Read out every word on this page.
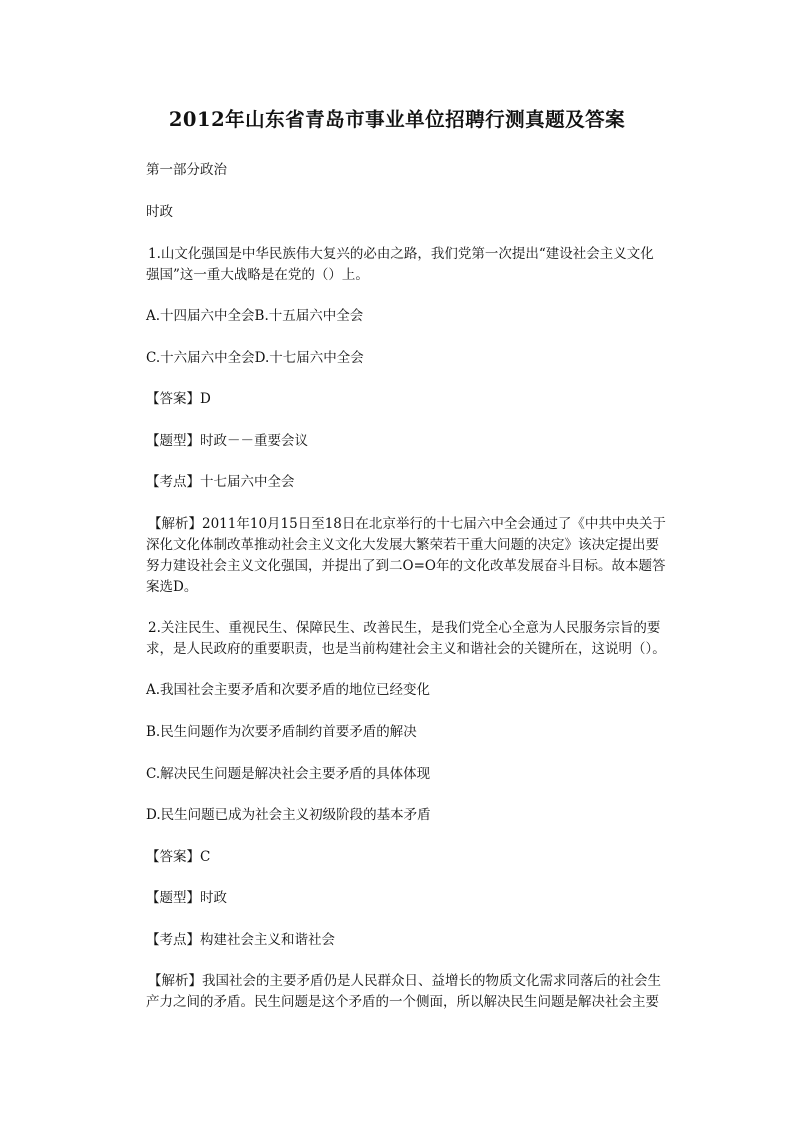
2012年山东省青岛市事业单位招聘行测真题及答案

第一部分政治

时政

1.山文化强国是中华民族伟大复兴的必由之路，我们党第一次提出“建设社会主义文化强国”这一重大战略是在党的（）上。

A.十四届六中全会B.十五届六中全会

C.十六届六中全会D.十七届六中全会

【答案】D

【题型】时政－－重要会议

【考点】十七届六中全会

【解析】2011年10月15日至18日在北京举行的十七届六中全会通过了《中共中央关于深化文化体制改革推动社会主义文化大发展大繁荣若干重大问题的决定》该决定提出要努力建设社会主义文化强国，并提出了到二O=O年的文化改革发展奋斗目标。故本题答案选D。

2.关注民生、重视民生、保障民生、改善民生，是我们党全心全意为人民服务宗旨的要求，是人民政府的重要职责，也是当前构建社会主义和谐社会的关键所在，这说明（）。

A.我国社会主要矛盾和次要矛盾的地位已经变化

B.民生问题作为次要矛盾制约首要矛盾的解决

C.解决民生问题是解决社会主要矛盾的具体体现

D.民生问题已成为社会主义初级阶段的基本矛盾

【答案】C

【题型】时政

【考点】构建社会主义和谐社会

【解析】我国社会的主要矛盾仍是人民群众日、益增长的物质文化需求同落后的社会生产力之间的矛盾。民生问题是这个矛盾的一个侧面，所以解决民生问题是解决社会主要
